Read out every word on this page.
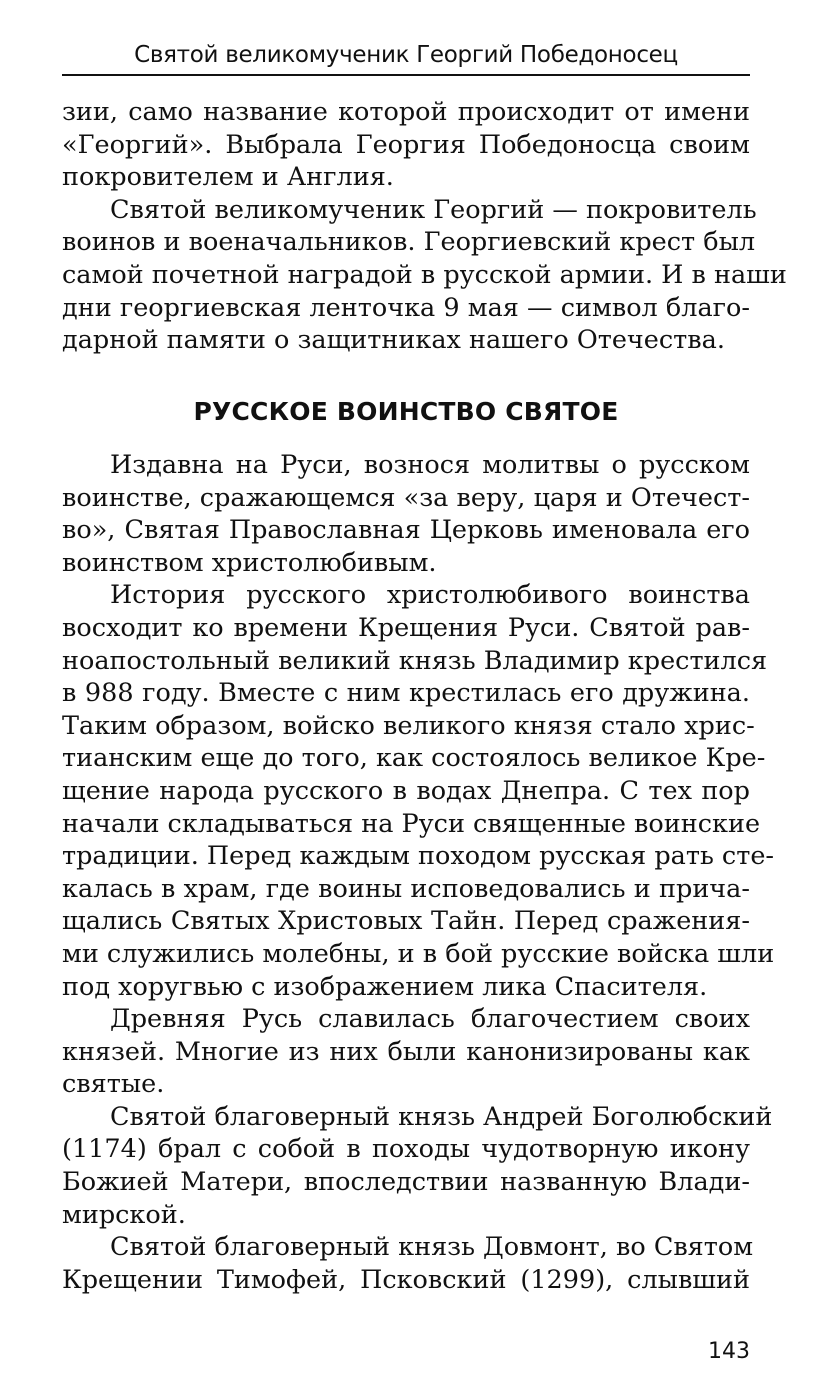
Святой великомученик Георгий Победоносец
зии, само название которой происходит от имени
«Георгий». Выбрала Георгия Победоносца своим
покровителем и Англия.
Святой великомученик Георгий — покровитель
воинов и военачальников. Георгиевский крест был
самой почетной наградой в русской армии. И в наши
дни георгиевская ленточка 9 мая — символ благо-
дарной памяти о защитниках нашего Отечества.
РУССКОЕ ВОИНСТВО СВЯТОЕ
Издавна на Руси, вознося молитвы о русском
воинстве, сражающемся «за веру, царя и Отечест-
во», Святая Православная Церковь именовала его
воинством христолюбивым.
История русского христолюбивого воинства
восходит ко времени Крещения Руси. Святой рав-
ноапостольный великий князь Владимир крестился
в 988 году. Вместе с ним крестилась его дружина.
Таким образом, войско великого князя стало хрис-
тианским еще до того, как состоялось великое Кре-
щение народа русского в водах Днепра. С тех пор
начали складываться на Руси священные воинские
традиции. Перед каждым походом русская рать сте-
калась в храм, где воины исповедовались и прича-
щались Святых Христовых Тайн. Перед сражения-
ми служились молебны, и в бой русские войска шли
под хоругвью с изображением лика Спасителя.
Древняя Русь славилась благочестием своих
князей. Многие из них были канонизированы как
святые.
Святой благоверный князь Андрей Боголюбский
(1174) брал с собой в походы чудотворную икону
Божией Матери, впоследствии названную Влади-
мирской.
Святой благоверный князь Довмонт, во Святом
Крещении Тимофей, Псковский (1299), слывший
143
